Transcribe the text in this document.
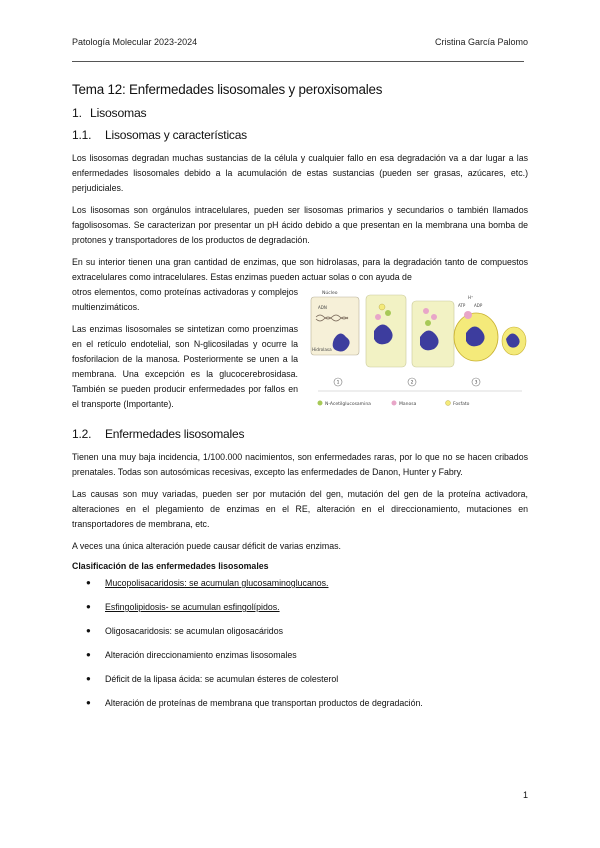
Patología Molecular 2023-2024	Cristina García Palomo
Tema 12: Enfermedades lisosomales y peroxisomales
1. Lisosomas
1.1. Lisosomas y características

Los lisosomas degradan muchas sustancias de la célula y cualquier fallo en esa degradación va a dar lugar a las enfermedades lisosomales debido a la acumulación de estas sustancias (pueden ser grasas, azúcares, etc.) perjudiciales.

Los lisosomas son orgánulos intracelulares, pueden ser lisosomas primarios y secundarios o también llamados fagolisosomas. Se caracterizan por presentar un pH ácido debido a que presentan en la membrana una bomba de protones y transportadores de los productos de degradación.

En su interior tienen una gran cantidad de enzimas, que son hidrolasas, para la degradación tanto de compuestos extracelulares como intracelulares. Estas enzimas pueden actuar solas o con ayuda de

Núcleo
ADN
Hidrolasa
ATP ADP
H⁺
1	2	3
N-Acetilglucosamina	Manosa	Fosfato

otros elementos, como proteínas activadoras y complejos multienzimáticos.

Las enzimas lisosomales se sintetizan como proenzimas en el retículo endotelial, son N-glicosiladas y ocurre la fosforilacion de la manosa. Posteriormente se unen a la membrana. Una excepción es la glucocerebrosidasa. También se pueden producir enfermedades por fallos en el transporte (Importante).

1.2. Enfermedades lisosomales

Tienen una muy baja incidencia, 1/100.000 nacimientos, son enfermedades raras, por lo que no se hacen cribados prenatales. Todas son autosómicas recesivas, excepto las enfermedades de Danon, Hunter y Fabry.

Las causas son muy variadas, pueden ser por mutación del gen, mutación del gen de la proteína activadora, alteraciones en el plegamiento de enzimas en el RE, alteración en el direccionamiento, mutaciones en transportadores de membrana, etc.

A veces una única alteración puede causar déficit de varias enzimas.

Clasificación de las enfermedades lisosomales
● Mucopolisacaridosis: se acumulan glucosaminoglucanos.
● Esfingolipidosis- se acumulan esfingolípidos.
● Oligosacaridosis: se acumulan oligosacáridos
● Alteración direccionamiento enzimas lisosomales
● Déficit de la lipasa ácida: se acumulan ésteres de colesterol
● Alteración de proteínas de membrana que transportan productos de degradación.
1
